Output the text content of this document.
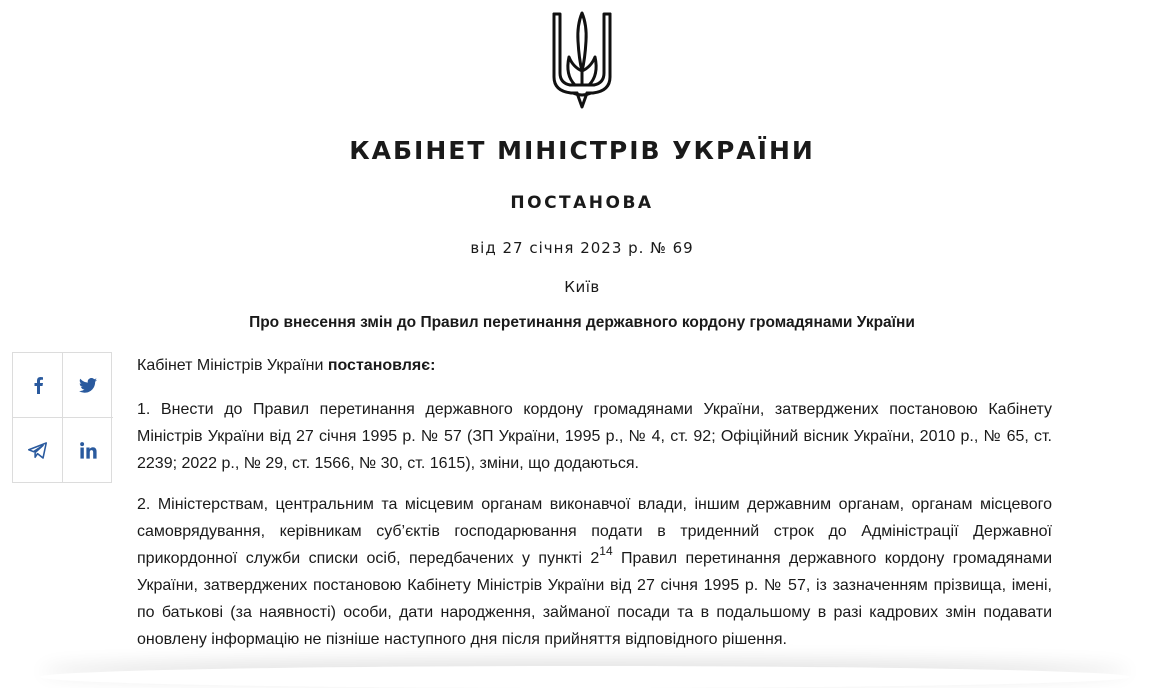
КАБІНЕТ МІНІСТРІВ УКРАЇНИ
ПОСТАНОВА
від 27 січня 2023 р. № 69
Київ
Про внесення змін до Правил перетинання державного кордону громадянами України

Кабінет Міністрів України постановляє:

1. Внести до Правил перетинання державного кордону громадянами України, затверджених постановою Кабінету Міністрів України від 27 січня 1995 р. № 57 (ЗП України, 1995 р., № 4, ст. 92; Офіційний вісник України, 2010 р., № 65, ст. 2239; 2022 р., № 29, ст. 1566, № 30, ст. 1615), зміни, що додаються.

2. Міністерствам, центральним та місцевим органам виконавчої влади, іншим державним органам, органам місцевого самоврядування, керівникам суб’єктів господарювання подати в триденний строк до Адміністрації Державної прикордонної служби списки осіб, передбачених у пункті $2^{14}$ Правил перетинання державного кордону громадянами України, затверджених постановою Кабінету Міністрів України від 27 січня 1995 р. № 57, із зазначенням прізвища, імені, по батькові (за наявності) особи, дати народження, займаної посади та в подальшому в разі кадрових змін подавати оновлену інформацію не пізніше наступного дня після прийняття відповідного рішення.
